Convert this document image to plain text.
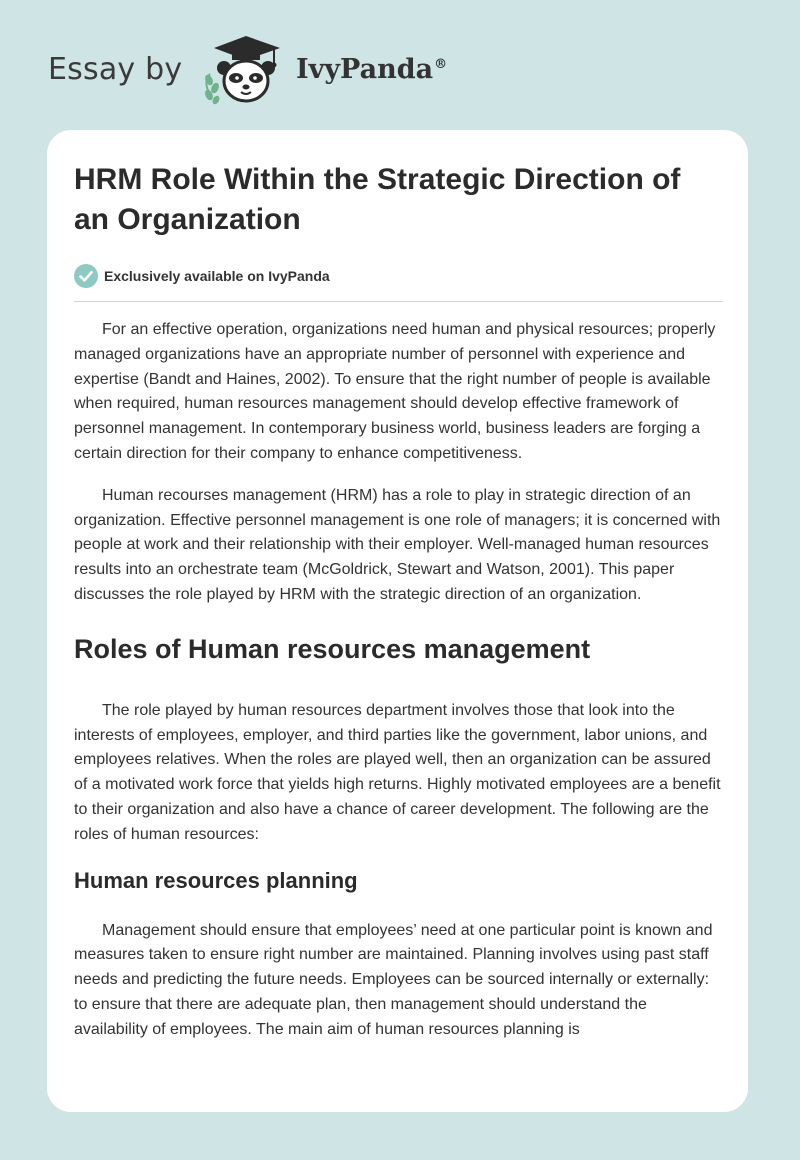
Essay by	IvyPanda®
HRM Role Within the Strategic Direction of an Organization
Exclusively available on IvyPanda

For an effective operation, organizations need human and physical resources; properly managed organizations have an appropriate number of personnel with experience and expertise (Bandt and Haines, 2002). To ensure that the right number of people is available when required, human resources management should develop effective framework of personnel management. In contemporary business world, business leaders are forging a certain direction for their company to enhance competitiveness.

Human recourses management (HRM) has a role to play in strategic direction of an organization. Effective personnel management is one role of managers; it is concerned with people at work and their relationship with their employer. Well-managed human resources results into an orchestrate team (McGoldrick, Stewart and Watson, 2001). This paper discusses the role played by HRM with the strategic direction of an organization.

Roles of Human resources management

The role played by human resources department involves those that look into the interests of employees, employer, and third parties like the government, labor unions, and employees relatives. When the roles are played well, then an organization can be assured of a motivated work force that yields high returns. Highly motivated employees are a benefit to their organization and also have a chance of career development. The following are the roles of human resources:

Human resources planning

Management should ensure that employees’ need at one particular point is known and measures taken to ensure right number are maintained. Planning involves using past staff needs and predicting the future needs. Employees can be sourced internally or externally: to ensure that there are adequate plan, then management should understand the availability of employees. The main aim of human resources planning is
